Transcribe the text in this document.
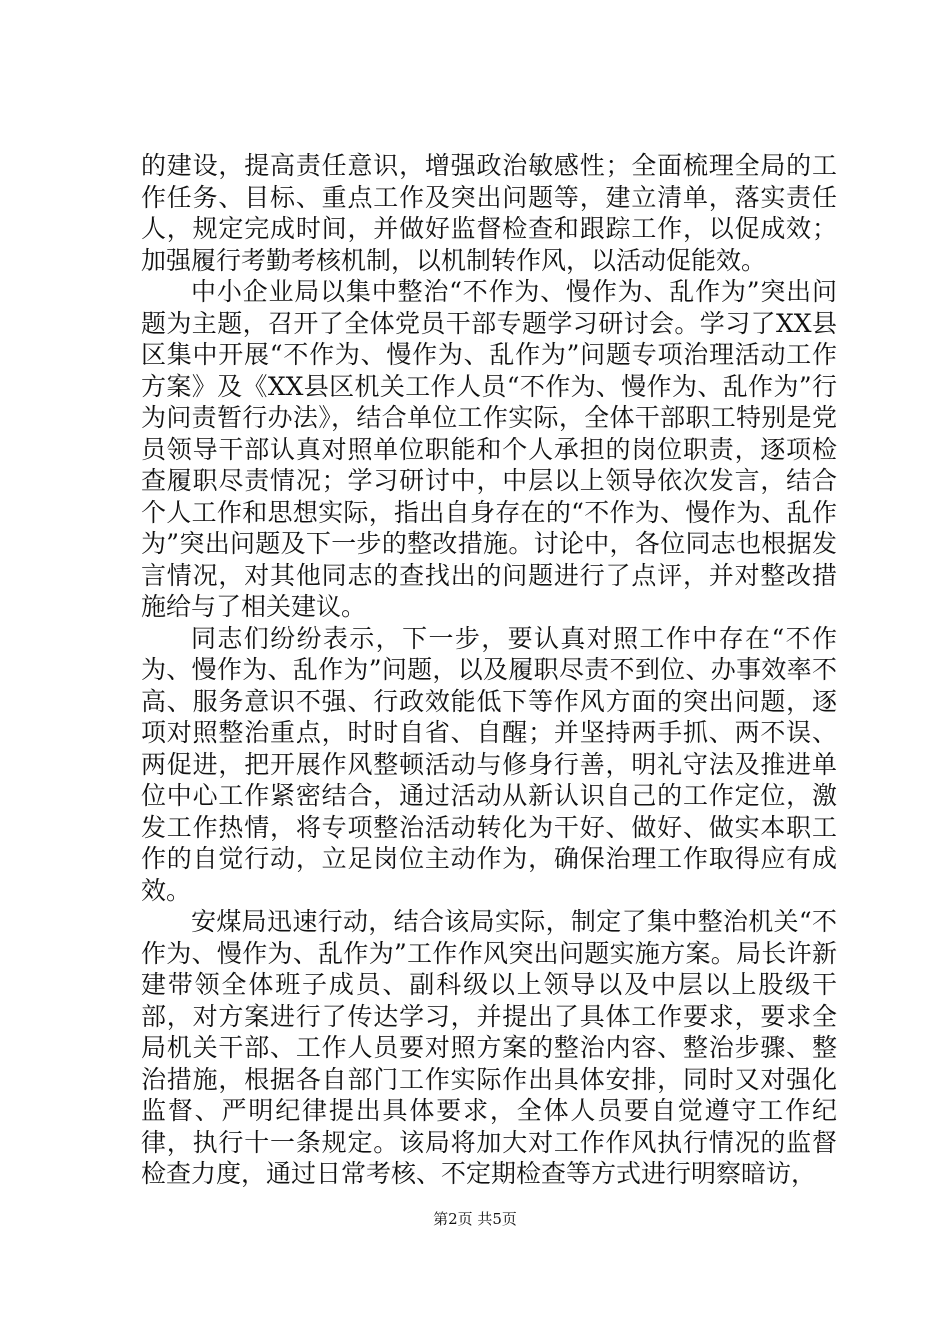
的建设，提高责任意识，增强政治敏感性；全面梳理全局的工作任务、目标、重点工作及突出问题等，建立清单，落实责任人，规定完成时间，并做好监督检查和跟踪工作，以促成效；加强履行考勤考核机制，以机制转作风，以活动促能效。

中小企业局以集中整治“不作为、慢作为、乱作为”突出问题为主题，召开了全体党员干部专题学习研讨会。学习了XX县区集中开展“不作为、慢作为、乱作为”问题专项治理活动工作方案》及《XX县区机关工作人员“不作为、慢作为、乱作为”行为问责暂行办法》，结合单位工作实际，全体干部职工特别是党员领导干部认真对照单位职能和个人承担的岗位职责，逐项检查履职尽责情况；学习研讨中，中层以上领导依次发言，结合个人工作和思想实际，指出自身存在的“不作为、慢作为、乱作为”突出问题及下一步的整改措施。讨论中，各位同志也根据发言情况，对其他同志的查找出的问题进行了点评，并对整改措施给与了相关建议。

同志们纷纷表示，下一步，要认真对照工作中存在“不作为、慢作为、乱作为”问题，以及履职尽责不到位、办事效率不高、服务意识不强、行政效能低下等作风方面的突出问题，逐项对照整治重点，时时自省、自醒；并坚持两手抓、两不误、两促进，把开展作风整顿活动与修身行善，明礼守法及推进单位中心工作紧密结合，通过活动从新认识自己的工作定位，激发工作热情，将专项整治活动转化为干好、做好、做实本职工作的自觉行动，立足岗位主动作为，确保治理工作取得应有成效。

安煤局迅速行动，结合该局实际，制定了集中整治机关“不作为、慢作为、乱作为”工作作风突出问题实施方案。局长许新建带领全体班子成员、副科级以上领导以及中层以上股级干部，对方案进行了传达学习，并提出了具体工作要求，要求全局机关干部、工作人员要对照方案的整治内容、整治步骤、整治措施，根据各自部门工作实际作出具体安排，同时又对强化监督、严明纪律提出具体要求，全体人员要自觉遵守工作纪律，执行十一条规定。该局将加大对工作作风执行情况的监督检查力度，通过日常考核、不定期检查等方式进行明察暗访，

第2页 共5页
